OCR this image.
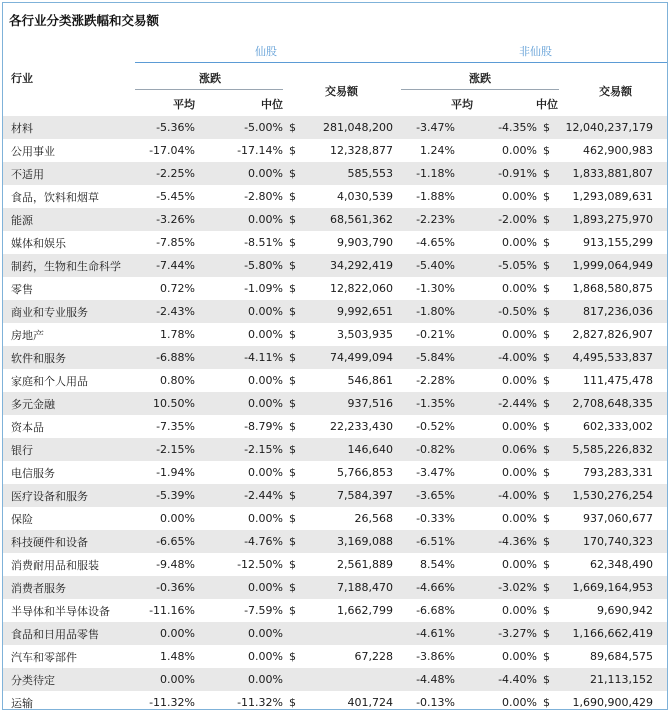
各行业分类涨跌幅和交易额
仙股	非仙股
行业	涨跌	涨跌
交易额	交易额
平均	中位	平均	中位
材料	-5.36%	-5.00%	$	281,048,200	-3.47%	-4.35%	$	12,040,237,179	
公用事业	-17.04%	-17.14%	$	12,328,877	1.24%	0.00%	$	462,900,983	
不适用	-2.25%	0.00%	$	585,553	-1.18%	-0.91%	$	1,833,881,807	
食品，饮料和烟草	-5.45%	-2.80%	$	4,030,539	-1.88%	0.00%	$	1,293,089,631	
能源	-3.26%	0.00%	$	68,561,362	-2.23%	-2.00%	$	1,893,275,970	
媒体和娱乐	-7.85%	-8.51%	$	9,903,790	-4.65%	0.00%	$	913,155,299	
制药，生物和生命科学	-7.44%	-5.80%	$	34,292,419	-5.40%	-5.05%	$	1,999,064,949	
零售	0.72%	-1.09%	$	12,822,060	-1.30%	0.00%	$	1,868,580,875	
商业和专业服务	-2.43%	0.00%	$	9,992,651	-1.80%	-0.50%	$	817,236,036	
房地产	1.78%	0.00%	$	3,503,935	-0.21%	0.00%	$	2,827,826,907	
软件和服务	-6.88%	-4.11%	$	74,499,094	-5.84%	-4.00%	$	4,495,533,837	
家庭和个人用品	0.80%	0.00%	$	546,861	-2.28%	0.00%	$	111,475,478	
多元金融	10.50%	0.00%	$	937,516	-1.35%	-2.44%	$	2,708,648,335	
资本品	-7.35%	-8.79%	$	22,233,430	-0.52%	0.00%	$	602,333,002	
银行	-2.15%	-2.15%	$	146,640	-0.82%	0.06%	$	5,585,226,832	
电信服务	-1.94%	0.00%	$	5,766,853	-3.47%	0.00%	$	793,283,331	
医疗设备和服务	-5.39%	-2.44%	$	7,584,397	-3.65%	-4.00%	$	1,530,276,254	
保险	0.00%	0.00%	$	26,568	-0.33%	0.00%	$	937,060,677	
科技硬件和设备	-6.65%	-4.76%	$	3,169,088	-6.51%	-4.36%	$	170,740,323	
消费耐用品和服装	-9.48%	-12.50%	$	2,561,889	8.54%	0.00%	$	62,348,490	
消费者服务	-0.36%	0.00%	$	7,188,470	-4.66%	-3.02%	$	1,669,164,953	
半导体和半导体设备	-11.16%	-7.59%	$	1,662,799	-6.68%	0.00%	$	9,690,942	
食品和日用品零售	0.00%	0.00%			-4.61%	-3.27%	$	1,166,662,419	
汽车和零部件	1.48%	0.00%	$	67,228	-3.86%	0.00%	$	89,684,575	
分类待定	0.00%	0.00%			-4.48%	-4.40%	$	21,113,152	
运输	-11.32%	-11.32%	$	401,724	-0.13%	0.00%	$	1,690,900,429	
